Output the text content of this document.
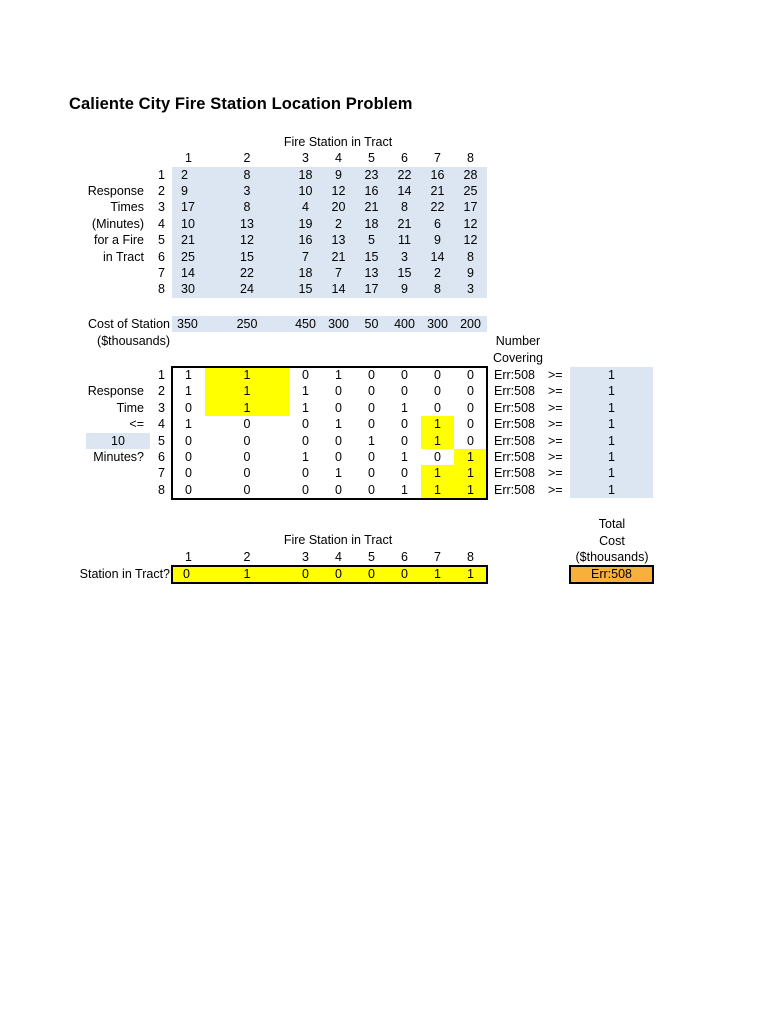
Caliente City Fire Station Location Problem
Fire Station in Tract
1	2	3	4	5	6	7	8
1	2	8	18	9	23	22	16	28
2	9	3	10	12	16	14	21	25
3	17	8	4	20	21	8	22	17
4	10	13	19	2	18	21	6	12
5	21	12	16	13	5	11	9	12
6	25	15	7	21	15	3	14	8
7	14	22	18	7	13	15	2	9
8	30	24	15	14	17	9	8	3
Response
Times
(Minutes)
for a Fire
in Tract
Cost of Station
($thousands)
350	250	450 300	50	400 300 200
Number
Covering
1	1	1	0	1	0	0	0	0	Err:508	>=	1
2	1	1	1	0	0	0	0	0	Err:508	>=	1
3	0	1	1	0	0	1	0	0	Err:508	>=	1
4	1	0	0	1	0	0	1	0	Err:508	>=	1
5	0	0	0	0	1	0	1	0	Err:508	>=	1
6	0	0	1	0	0	1	0	1	Err:508	>=	1
7	0	0	0	1	0	0	1	1	Err:508	>=	1
8	0	0	0	0	0	1	1	1	Err:508	>=	1
Response
Time
<=
10
Minutes?
Fire Station in Tract
1	2	3	4	5	6	7	8
Station in Tract?	0	1	0	0	0	0	1	1
Total
Cost
($thousands)
Err:508
